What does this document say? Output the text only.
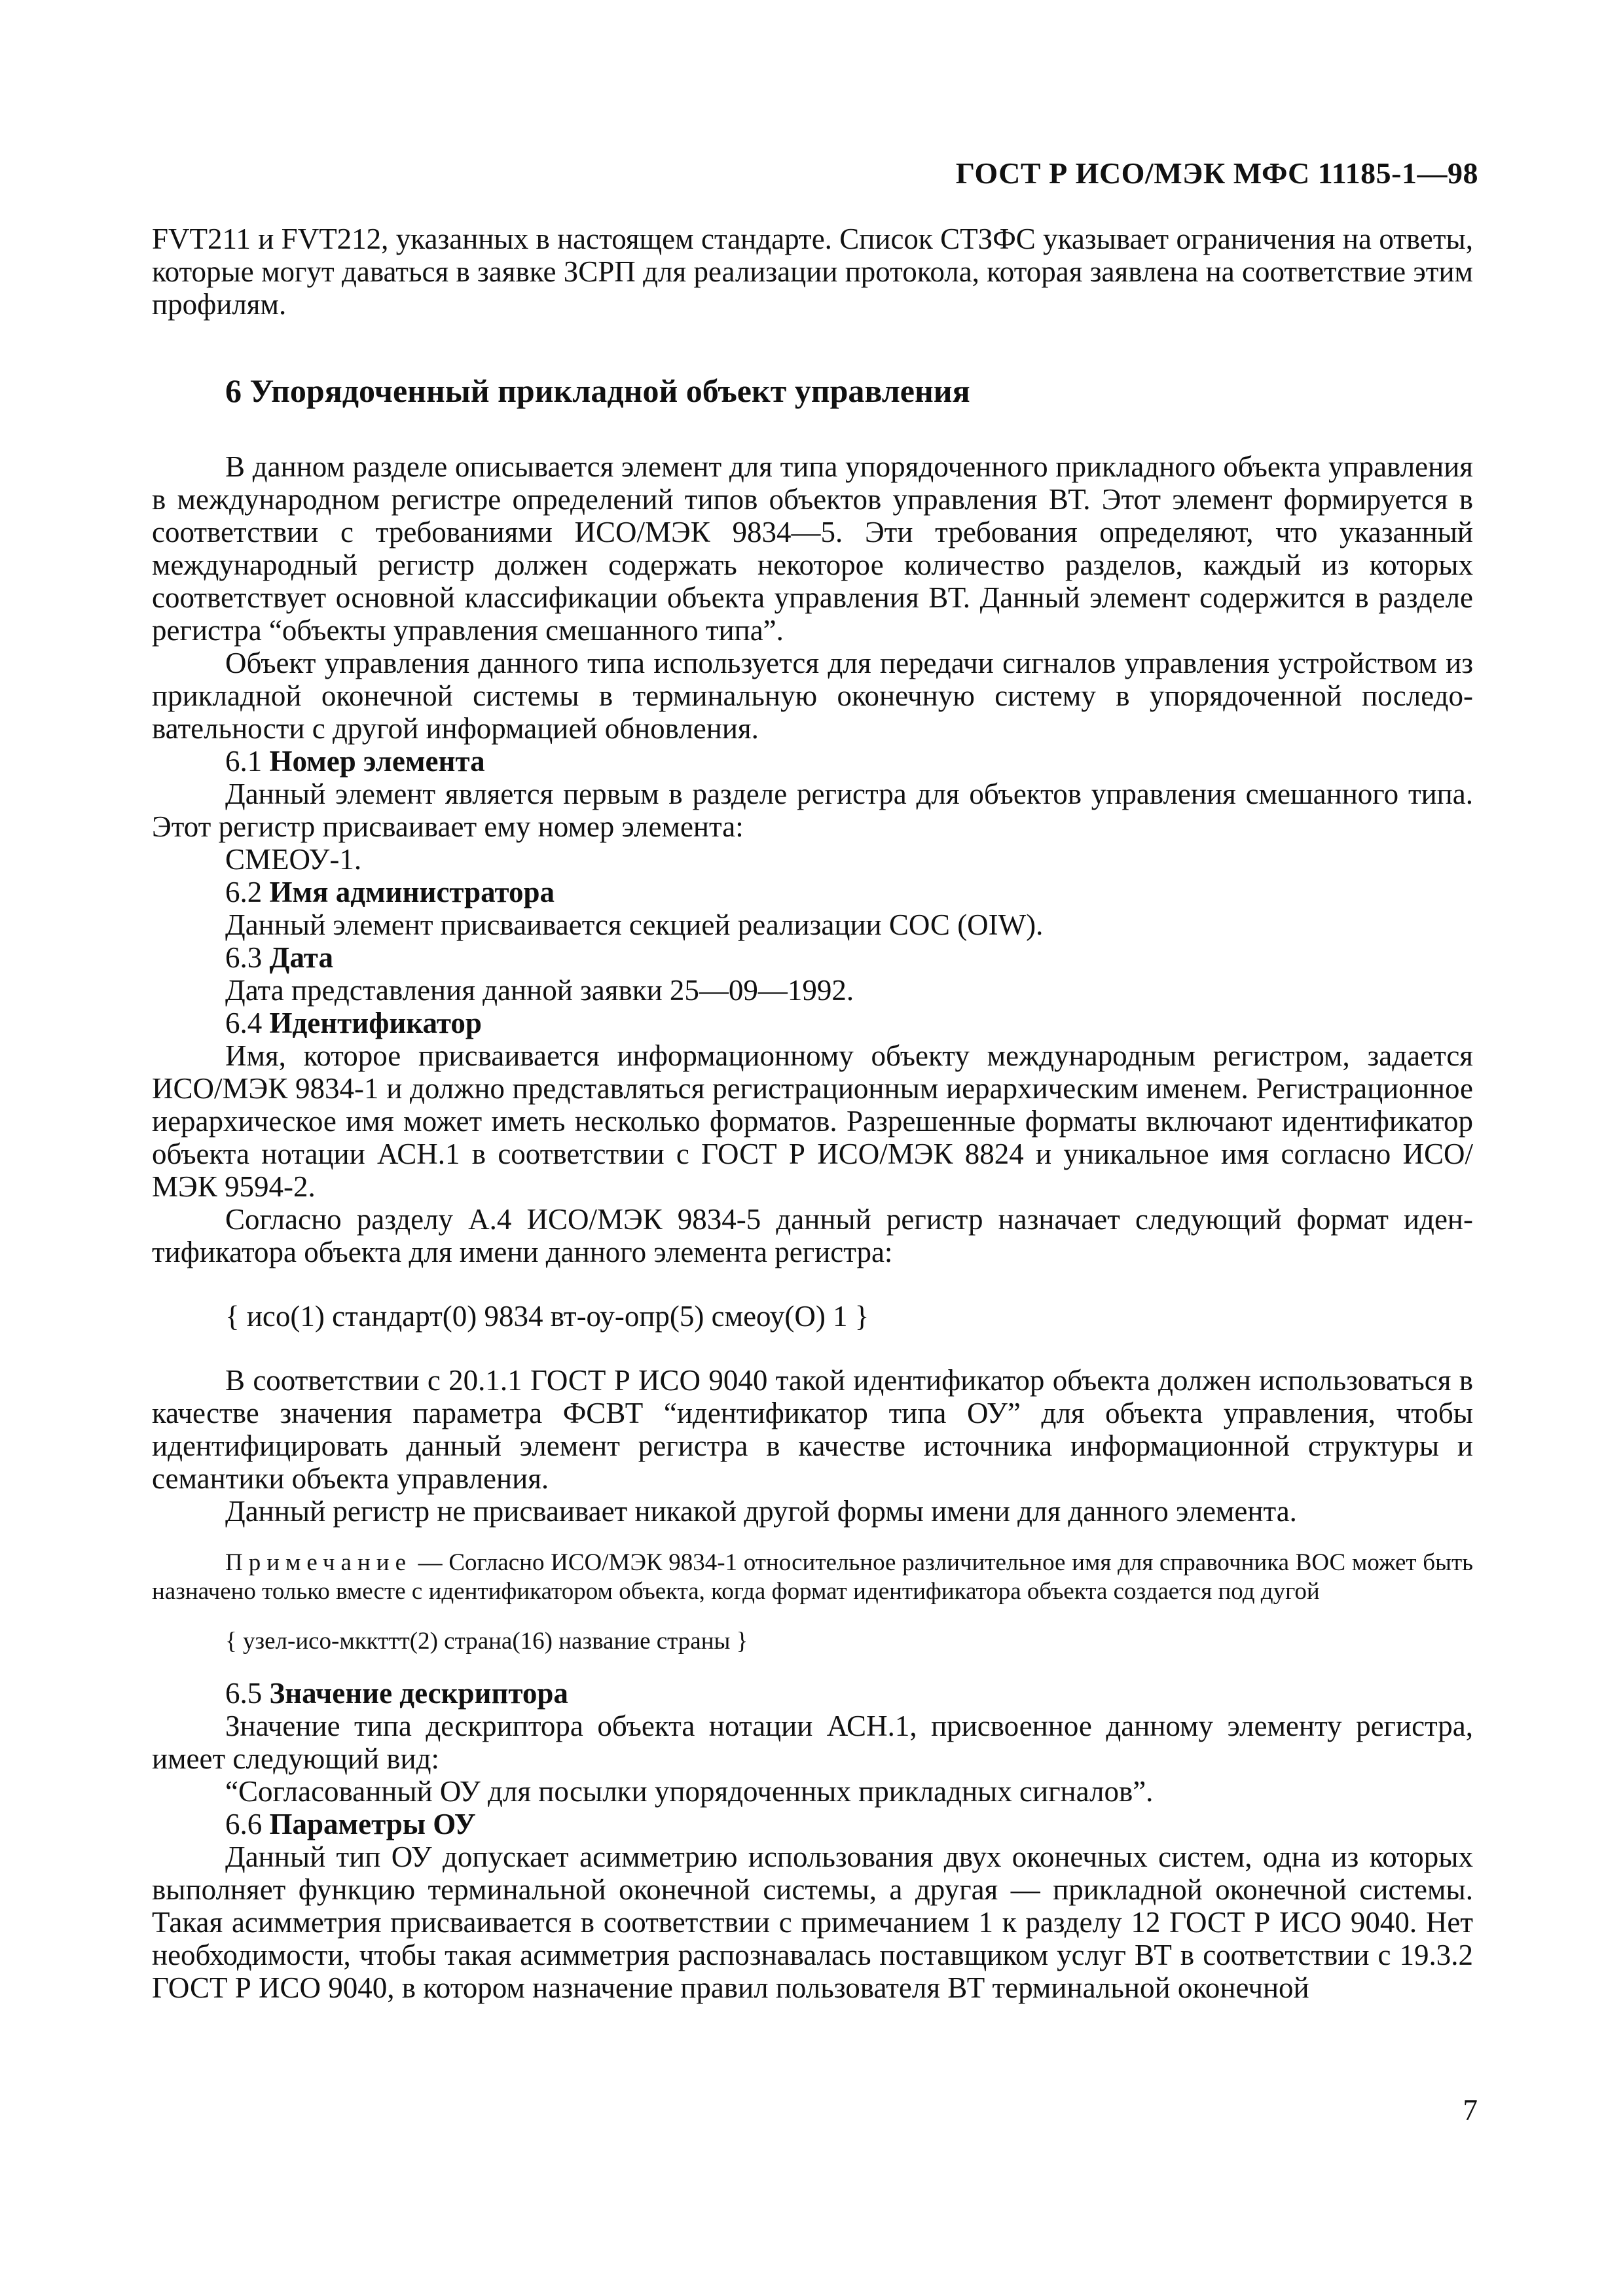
ГОСТ Р ИСО/МЭК МФС 11185-1—98

FVT211 и FVT212, указанных в настоящем стандарте. Список СТЗФС указывает ограничения на ответы, которые могут даваться в заявке ЗСРП для реализации протокола, которая заявлена на соответствие этим профилям.

6 Упорядоченный прикладной объект управления

В данном разделе описывается элемент для типа упорядоченного прикладного объекта управления в международном регистре определений типов объектов управления ВТ. Этот элемент формируется в соответствии с требованиями ИСО/МЭК 9834—5. Эти требования определяют, что указанный международный регистр должен содержать некоторое количество разделов, каждый из которых соответствует основной классификации объекта управления ВТ. Данный элемент содержится в разделе регистра “объекты управления смешанного типа”.

Объект управления данного типа используется для передачи сигналов управления устройством из прикладной оконечной системы в терминальную оконечную систему в упорядоченной последовательности с другой информацией обновления.

6.1 Номер элемента

Данный элемент является первым в разделе регистра для объектов управления смешанного типа. Этот регистр присваивает ему номер элемента:

СМЕОУ-1.

6.2 Имя администратора

Данный элемент присваивается секцией реализации СОС (OIW).

6.3 Дата

Дата представления данной заявки 25—09—1992.

6.4 Идентификатор

Имя, которое присваивается информационному объекту международным регистром, задается ИСО/МЭК 9834-1 и должно представляться регистрационным иерархическим именем. Регистрационное иерархическое имя может иметь несколько форматов. Разрешенные форматы включают идентификатор объекта нотации АСН.1 в соответствии с ГОСТ Р ИСО/МЭК 8824 и уникальное имя согласно ИСО/МЭК 9594-2.

Согласно разделу А.4 ИСО/МЭК 9834-5 данный регистр назначает следующий формат идентификатора объекта для имени данного элемента регистра:

{ исо(1) стандарт(0) 9834 вт-оу-опр(5) смеоу(О) 1 }

В соответствии с 20.1.1 ГОСТ Р ИСО 9040 такой идентификатор объекта должен использоваться в качестве значения параметра ФСВТ “идентификатор типа ОУ” для объекта управления, чтобы идентифицировать данный элемент регистра в качестве источника информационной структуры и семантики объекта управления.

Данный регистр не присваивает никакой другой формы имени для данного элемента.

Примечание — Согласно ИСО/МЭК 9834-1 относительное различительное имя для справочника ВОС может быть назначено только вместе с идентификатором объекта, когда формат идентификатора объекта создается под дугой

{ узел-исо-мккттт(2) страна(16) название страны }

6.5 Значение дескриптора

Значение типа дескриптора объекта нотации АСН.1, присвоенное данному элементу регистра, имеет следующий вид:

“Согласованный ОУ для посылки упорядоченных прикладных сигналов”.

6.6 Параметры ОУ

Данный тип ОУ допускает асимметрию использования двух оконечных систем, одна из которых выполняет функцию терминальной оконечной системы, а другая — прикладной оконечной системы. Такая асимметрия присваивается в соответствии с примечанием 1 к разделу 12 ГОСТ Р ИСО 9040. Нет необходимости, чтобы такая асимметрия распознавалась поставщиком услуг ВТ в соответствии с 19.3.2 ГОСТ Р ИСО 9040, в котором назначение правил пользователя ВТ терминальной оконечной

7
